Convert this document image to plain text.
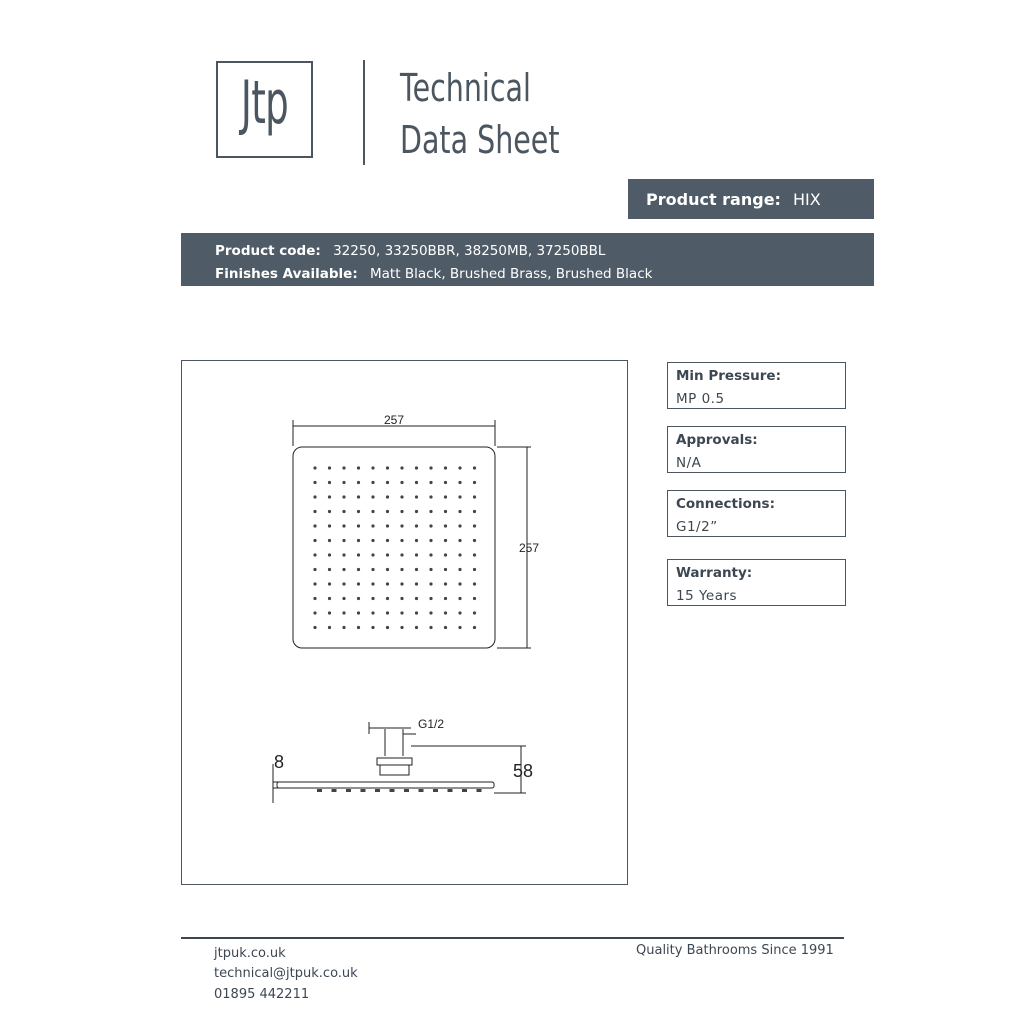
Jtp	Technical
Data Sheet
Product range: HIX
Product code: 32250, 33250BBR, 38250MB, 37250BBL
Finishes Available: Matt Black, Brushed Brass, Brushed Black
257
257
G1/2
8	58
Min Pressure:
MP 0.5
Approvals:
N/A
Connections:
G1/2”
Warranty:
15 Years
jtpuk.co.uk
technical@jtpuk.co.uk
01895 442211
Quality Bathrooms Since 1991
